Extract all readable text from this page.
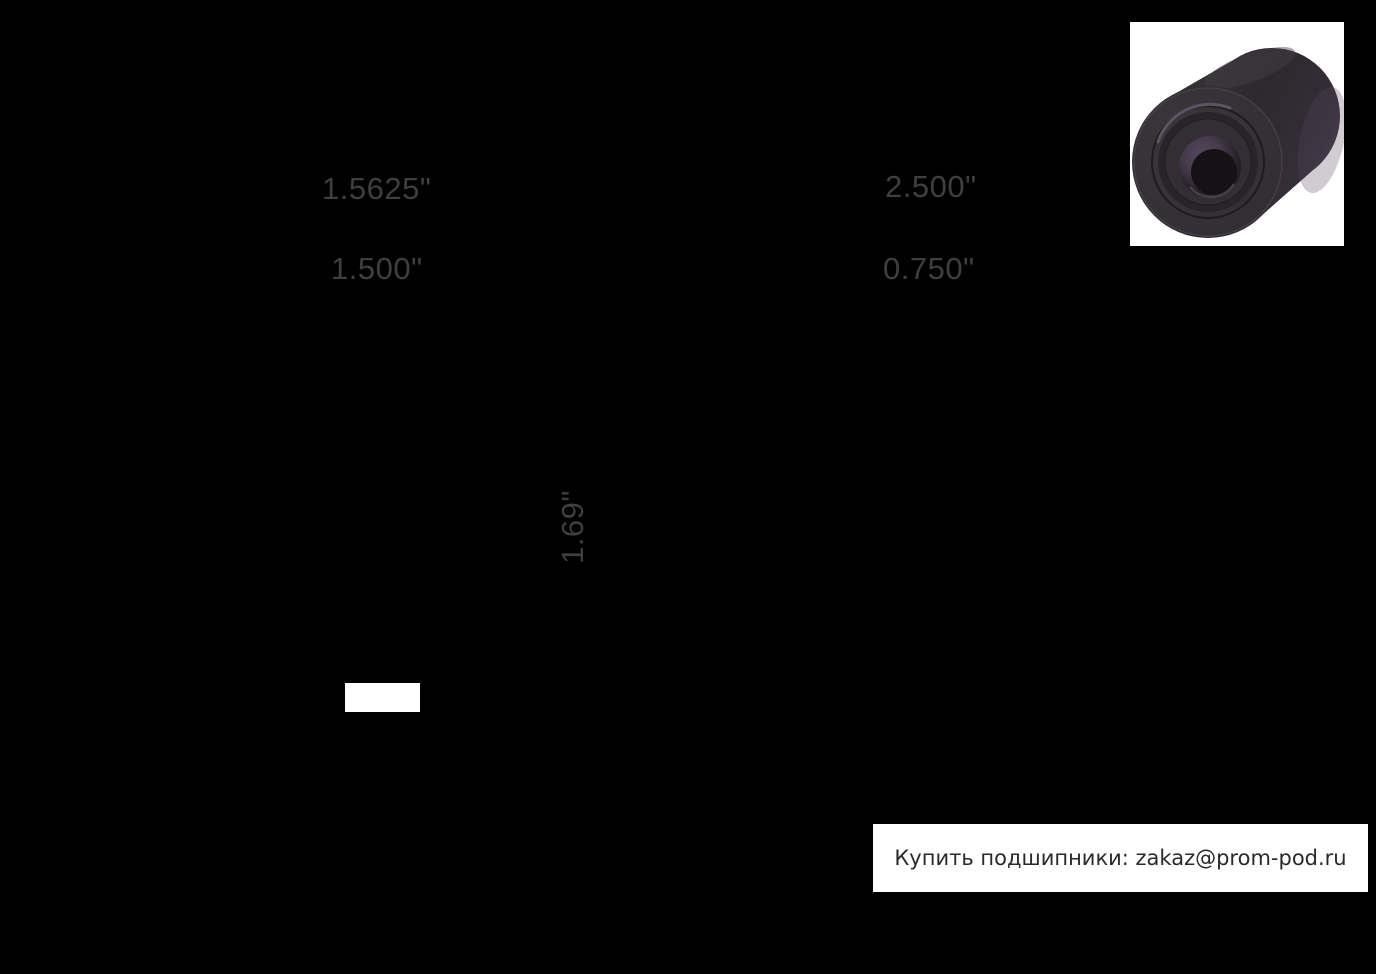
1.5625"
1.500"
2.500"
0.750"
1.69"
Купить подшипники: zakaz@prom-pod.ru
